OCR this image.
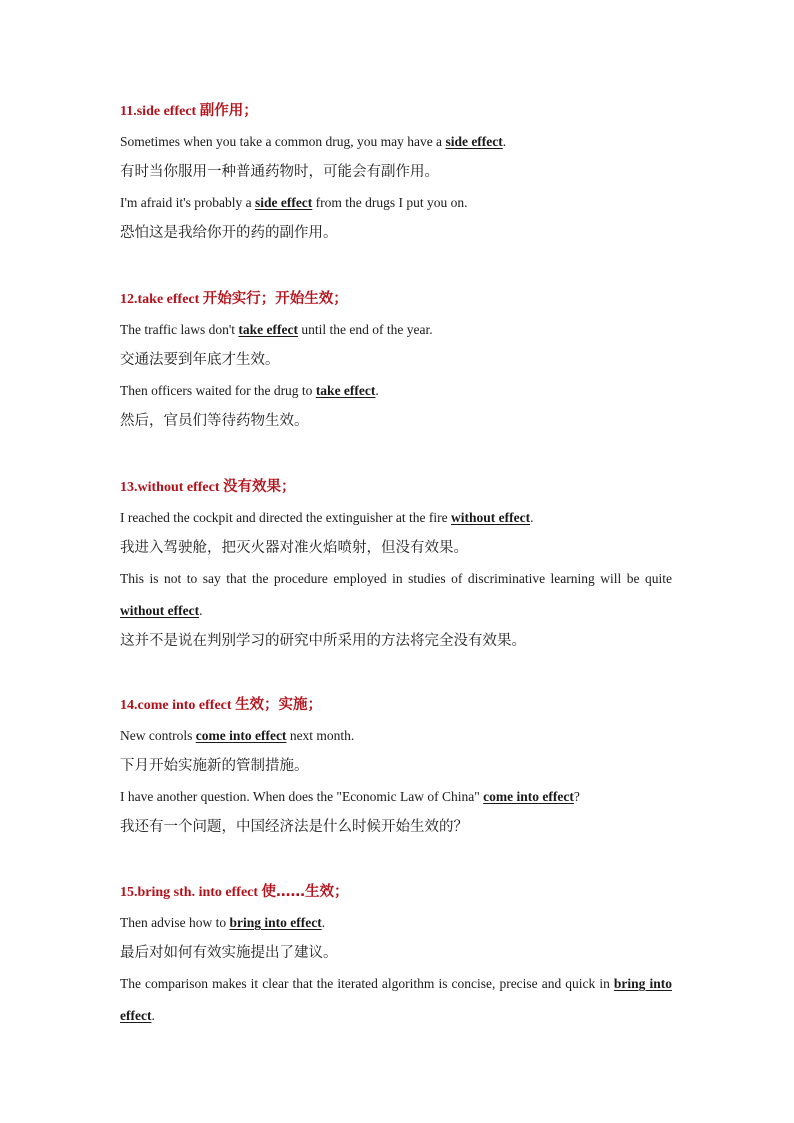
11.side effect 副作用；
Sometimes when you take a common drug, you may have a side effect.
有时当你服用一种普通药物时，可能会有副作用。
I'm afraid it's probably a side effect from the drugs I put you on.
恐怕这是我给你开的药的副作用。
12.take effect 开始实行；开始生效；
The traffic laws don't take effect until the end of the year.
交通法要到年底才生效。
Then officers waited for the drug to take effect.
然后，官员们等待药物生效。
13.without effect 没有效果；
I reached the cockpit and directed the extinguisher at the fire without effect.
我进入驾驶舱，把灭火器对准火焰喷射，但没有效果。
This is not to say that the procedure employed in studies of discriminative learning will be quite without effect.
这并不是说在判别学习的研究中所采用的方法将完全没有效果。
14.come into effect 生效；实施；
New controls come into effect next month.
下月开始实施新的管制措施。
I have another question. When does the "Economic Law of China" come into effect?
我还有一个问题，中国经济法是什么时候开始生效的？
15.bring sth. into effect 使……生效；
Then advise how to bring into effect.
最后对如何有效实施提出了建议。
The comparison makes it clear that the iterated algorithm is concise, precise and quick in bring into effect.
